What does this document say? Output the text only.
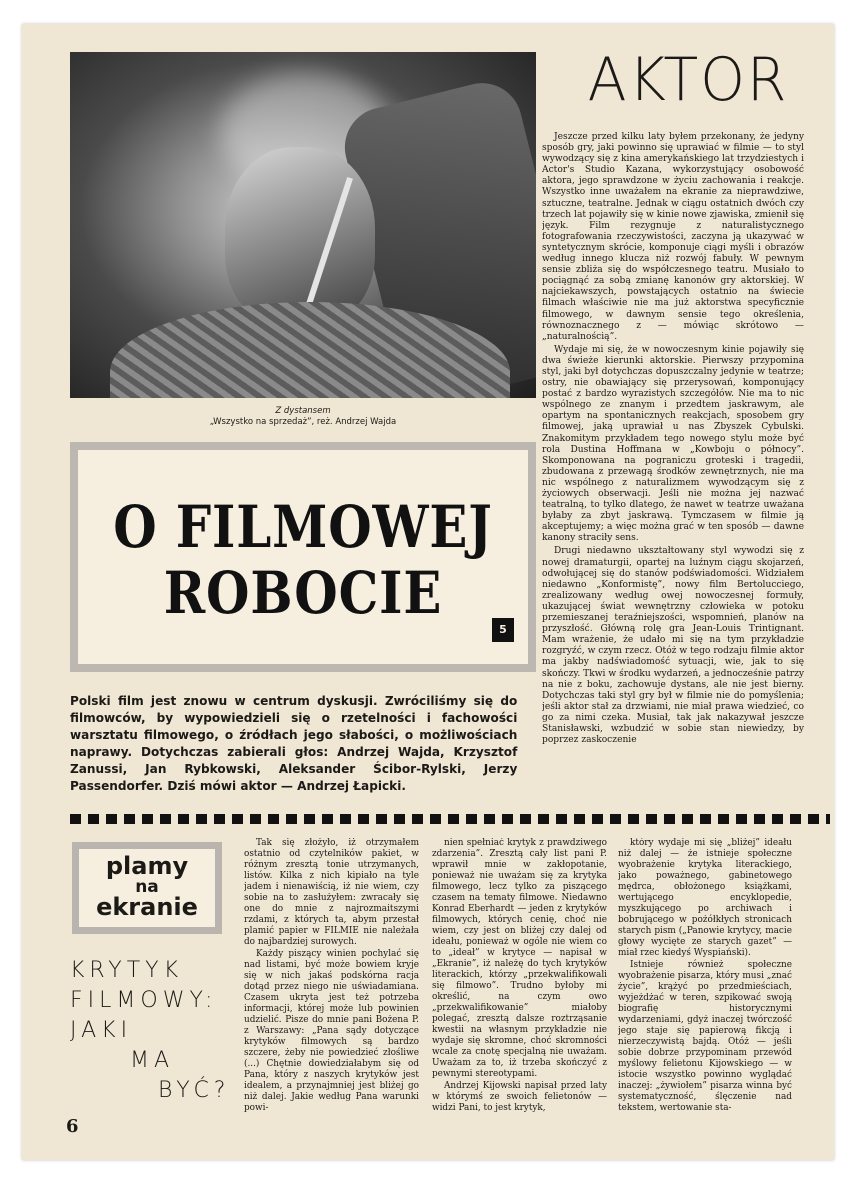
Z dystansem
„Wszystko na sprzedaż”, reż. Andrzej Wajda
O FILMOWEJ
ROBOCIE
5
Polski film jest znowu w centrum dyskusji. Zwróciliśmy się do filmowców, by wypowiedzieli się o rzetelności i fachowości warsztatu filmowego, o źródłach jego słabości, o możliwościach naprawy. Dotychczas zabierali głos: Andrzej Wajda, Krzysztof Zanussi, Jan Rybkowski, Aleksander Ścibor-Rylski, Jerzy Passendorfer. Dziś mówi aktor — Andrzej Łapicki.
AKTOR

Jeszcze przed kilku laty byłem przekonany, że jedyny sposób gry, jaki powinno się uprawiać w filmie — to styl wywodzący się z kina amerykańskiego lat trzydziestych i Actor's Studio Kazana, wykorzystujący osobowość aktora, jego sprawdzone w życiu zachowania i reakcje. Wszystko inne uważałem na ekranie za nieprawdziwe, sztuczne, teatralne. Jednak w ciągu ostatnich dwóch czy trzech lat pojawiły się w kinie nowe zjawiska, zmienił się język. Film rezygnuje z naturalistycznego fotografowania rzeczywistości, zaczyna ją ukazywać w syntetycznym skrócie, komponuje ciągi myśli i obrazów według innego klucza niż rozwój fabuły. W pewnym sensie zbliża się do współczesnego teatru. Musiało to pociągnąć za sobą zmianę kanonów gry aktorskiej. W najciekawszych, powstających ostatnio na świecie filmach właściwie nie ma już aktorstwa specyficznie filmowego, w dawnym sensie tego określenia, równoznacznego z — mówiąc skrótowo — „naturalnością”.

Wydaje mi się, że w nowoczesnym kinie pojawiły się dwa świeże kierunki aktorskie. Pierwszy przypomina styl, jaki był dotychczas dopuszczalny jedynie w teatrze; ostry, nie obawiający się przerysowań, komponujący postać z bardzo wyrazistych szczegółów. Nie ma to nic wspólnego ze znanym i przedtem jaskrawym, ale opartym na spontanicznych reakcjach, sposobem gry filmowej, jaką uprawiał u nas Zbyszek Cybulski. Znakomitym przykładem tego nowego stylu może być rola Dustina Hoffmana w „Kowboju o północy”. Skomponowana na pograniczu groteski i tragedii, zbudowana z przewagą środków zewnętrznych, nie ma nic wspólnego z naturalizmem wywodzącym się z życiowych obserwacji. Jeśli nie można jej nazwać teatralną, to tylko dlatego, że nawet w teatrze uważana byłaby za zbyt jaskrawą. Tymczasem w filmie ją akceptujemy; a więc można grać w ten sposób — dawne kanony straciły sens.

Drugi niedawno ukształtowany styl wywodzi się z nowej dramaturgii, opartej na luźnym ciągu skojarzeń, odwołującej się do stanów podświadomości. Widziałem niedawno „Konformistę”, nowy film Bertolucciego, zrealizowany według owej nowoczesnej formuły, ukazującej świat wewnętrzny człowieka w potoku przemieszanej teraźniejszości, wspomnień, planów na przyszłość. Główną rolę gra Jean-Louis Trintignant. Mam wrażenie, że udało mi się na tym przykładzie rozgryźć, w czym rzecz. Otóż w tego rodzaju filmie aktor ma jakby nadświadomość sytuacji, wie, jak to się skończy. Tkwi w środku wydarzeń, a jednocześnie patrzy na nie z boku, zachowuje dystans, ale nie jest bierny. Dotychczas taki styl gry był w filmie nie do pomyślenia; jeśli aktor stał za drzwiami, nie miał prawa wiedzieć, co go za nimi czeka. Musiał, tak jak nakazywał jeszcze Stanisławski, wzbudzić w sobie stan niewiedzy, by poprzez zaskoczenie

plamy
na
ekranie
KRYTYK
FILMOWY:
JAKI
MA
BYĆ?
6

Tak się złożyło, iż otrzymałem ostatnio od czytelników pakiet, w różnym zresztą tonie utrzymanych, listów. Kilka z nich kipiało na tyle jadem i nienawiścią, iż nie wiem, czy sobie na to zasłużyłem: zwracały się one do mnie z najrozmaitszymi rzdami, z których ta, abym przestał plamić papier w FILMIE nie należała do najbardziej surowych.

Każdy piszący winien pochylać się nad listami, być może bowiem kryje się w nich jakaś podskórna racja dotąd przez niego nie uświadamiana. Czasem ukryta jest też potrzeba informacji, której może lub powinien udzielić. Pisze do mnie pani Bożena P. z Warszawy: „Pana sądy dotyczące krytyków filmowych są bardzo szczere, żeby nie powiedzieć złośliwe (...) Chętnie dowiedziałabym się od Pana, który z naszych krytyków jest idealem, a przynajmniej jest bliżej go niż dalej. Jakie według Pana warunki powi-

nien spełniać krytyk z prawdziwego zdarzenia”. Zresztą cały list pani P. wprawił mnie w zakłopotanie, ponieważ nie uważam się za krytyka filmowego, lecz tylko za piszącego czasem na tematy filmowe. Niedawno Konrad Eberhardt — jeden z krytyków filmowych, których cenię, choć nie wiem, czy jest on bliżej czy dalej od ideału, ponieważ w ogóle nie wiem co to „ideał” w krytyce — napisał w „Ekranie”, iż należę do tych krytyków literackich, którzy „przekwalifikowali się filmowo”. Trudno byłoby mi określić, na czym owo „przekwalifikowanie” miałoby polegać, zresztą dalsze roztrząsanie kwestii na własnym przykładzie nie wydaje się skromne, choć skromności wcale za cnotę specjalną nie uważam. Uważam za to, iż trzeba skończyć z pewnymi stereotypami.

Andrzej Kijowski napisał przed laty w którymś ze swoich felietonów — widzi Pani, to jest krytyk,

który wydaje mi się „bliżej” ideału niż dalej — że istnieje społeczne wyobrażenie krytyka literackiego, jako poważnego, gabinetowego mędrca, obłożonego książkami, wertującego encyklopedie, myszkującego po archiwach i bobrującego w pożółkłych stronicach starych pism („Panowie krytycy, macie głowy wycięte ze starych gazet” — miał rzec kiedyś Wyspiański).

Istnieje również społeczne wyobrażenie pisarza, który musi „znać życie”, krążyć po przedmieściach, wyjeżdżać w teren, szpikować swoją biografię historycznymi wydarzeniami, gdyż inaczej twórczość jego staje się papierową fikcją i nierzeczywistą bajdą. Otóż — jeśli sobie dobrze przypominam przewód myślowy felietonu Kijowskiego — w istocie wszystko powinno wyglądać inaczej: „żywiołem” pisarza winna być systematyczność, ślęczenie nad tekstem, wertowanie sta-
